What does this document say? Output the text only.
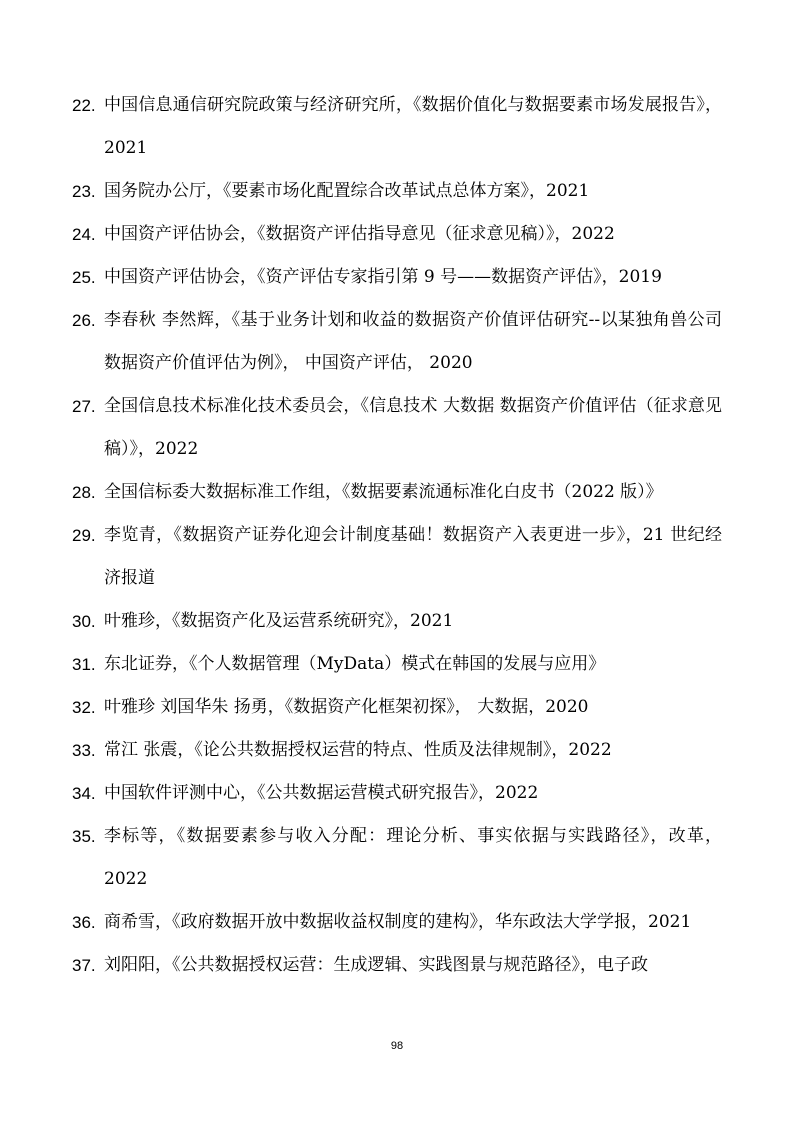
22. 中国信息通信研究院政策与经济研究所，《数据价值化与数据要素市场发展报告》，2021
23. 国务院办公厅，《要素市场化配置综合改革试点总体方案》，2021
24. 中国资产评估协会，《数据资产评估指导意见（征求意见稿）》，2022
25. 中国资产评估协会，《资产评估专家指引第 9 号——数据资产评估》，2019
26. 李春秋 李然辉，《基于业务计划和收益的数据资产价值评估研究--以某独角兽公司数据资产价值评估为例》， 中国资产评估， 2020
27. 全国信息技术标准化技术委员会，《信息技术 大数据 数据资产价值评估（征求意见稿）》，2022
28. 全国信标委大数据标准工作组，《数据要素流通标准化白皮书（2022 版）》
29. 李览青，《数据资产证券化迎会计制度基础！数据资产入表更进一步》，21 世纪经济报道
30. 叶雅珍，《数据资产化及运营系统研究》，2021
31. 东北证券，《个人数据管理（MyData）模式在韩国的发展与应用》
32. 叶雅珍 刘国华朱 扬勇，《数据资产化框架初探》， 大数据，2020
33. 常江 张震，《论公共数据授权运营的特点、性质及法律规制》，2022
34. 中国软件评测中心，《公共数据运营模式研究报告》，2022
35. 李标等，《数据要素参与收入分配：理论分析、事实依据与实践路径》，改革，2022
36. 商希雪，《政府数据开放中数据收益权制度的建构》，华东政法大学学报，2021
37. 刘阳阳，《公共数据授权运营：生成逻辑、实践图景与规范路径》，电子政
98
